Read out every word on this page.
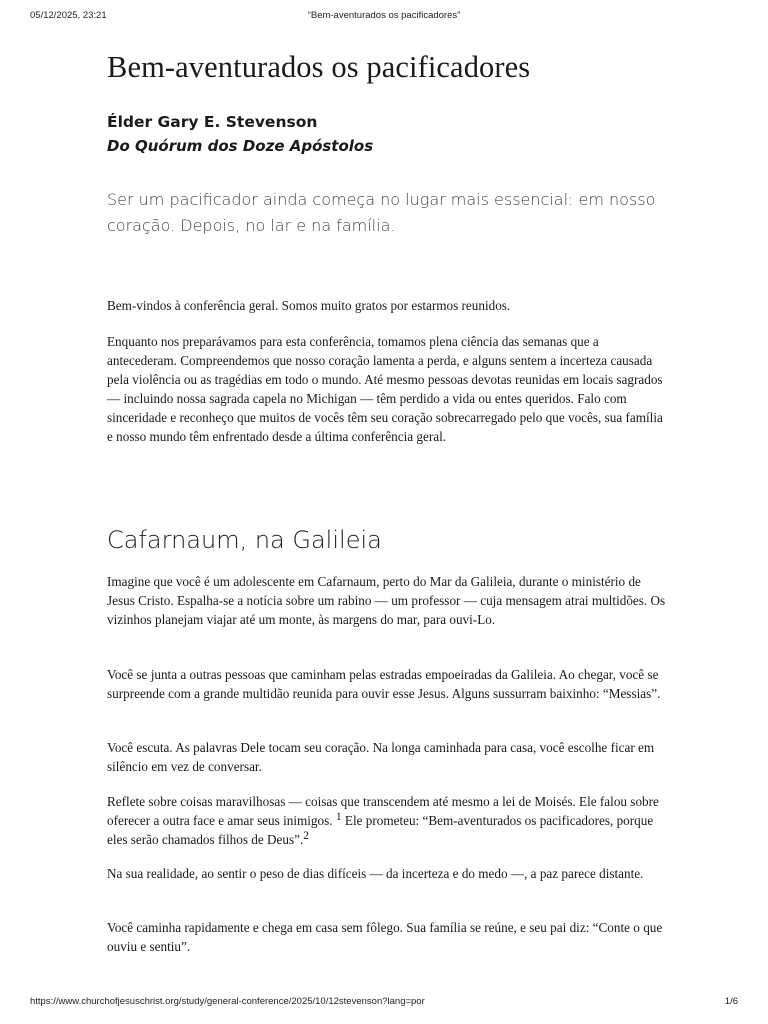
05/12/2025, 23:21	“Bem-aventurados os pacificadores”
Bem-aventurados os pacificadores

Élder Gary E. Stevenson

Do Quórum dos Doze Apóstolos

Ser um pacificador ainda começa no lugar mais essencial: em nosso coração. Depois, no lar e na família.

Bem-vindos à conferência geral. Somos muito gratos por estarmos reunidos.

Enquanto nos preparávamos para esta conferência, tomamos plena ciência das semanas que a antecederam. Compreendemos que nosso coração lamenta a perda, e alguns sentem a incerteza causada pela violência ou as tragédias em todo o mundo. Até mesmo pessoas devotas reunidas em locais sagrados — incluindo nossa sagrada capela no Michigan — têm perdido a vida ou entes queridos. Falo com sinceridade e reconheço que muitos de vocês têm seu coração sobrecarregado pelo que vocês, sua família e nosso mundo têm enfrentado desde a última conferência geral.

Cafarnaum, na Galileia

Imagine que você é um adolescente em Cafarnaum, perto do Mar da Galileia, durante o ministério de Jesus Cristo. Espalha-se a notícia sobre um rabino — um professor — cuja mensagem atrai multidões. Os vizinhos planejam viajar até um monte, às margens do mar, para ouvi-Lo.

Você se junta a outras pessoas que caminham pelas estradas empoeiradas da Galileia. Ao chegar, você se surpreende com a grande multidão reunida para ouvir esse Jesus. Alguns sussurram baixinho: “Messias”.

Você escuta. As palavras Dele tocam seu coração. Na longa caminhada para casa, você escolhe ficar em silêncio em vez de conversar.

Reflete sobre coisas maravilhosas — coisas que transcendem até mesmo a lei de Moisés. Ele falou sobre oferecer a outra face e amar seus inimigos. $^1$ Ele prometeu: “Bem-aventurados os pacificadores, porque eles serão chamados filhos de Deus”.$^2$

Na sua realidade, ao sentir o peso de dias difíceis — da incerteza e do medo —, a paz parece distante.

Você caminha rapidamente e chega em casa sem fôlego. Sua família se reúne, e seu pai diz: “Conte o que ouviu e sentiu”.

https://www.churchofjesuschrist.org/study/general-conference/2025/10/12stevenson?lang=por	1/6
